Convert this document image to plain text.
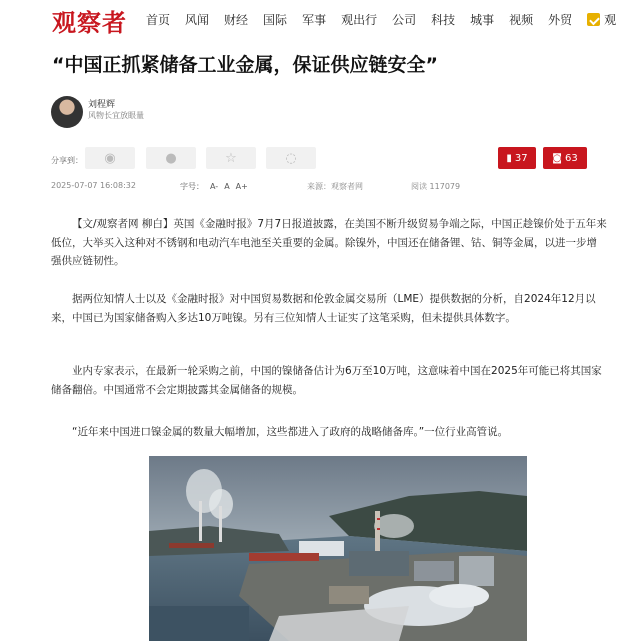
观察者 首页 风闻 财经 国际 军事 观出行 公司 科技 城事 视频 外贸	观
“中国正抓紧储备工业金属，保证供应链安全”
刘程辉
风物长宜放眼量
分享到： ◉	●	☆	◌	▮ 37 ◙ 63
2025-07-07 16:08:32	字号： A- A A+	来源：观察者网	阅读 117079
【文/观察者网 柳白】英国《金融时报》7月7日报道披露，在美国不断升级贸易争端之际，中国正趁镍价处于五年来低位，大举买入这种对不锈钢和电动汽车电池至关重要的金属。除镍外，中国还在储备锂、钴、铜等金属，以进一步增强供应链韧性。
据两位知情人士以及《金融时报》对中国贸易数据和伦敦金属交易所（LME）提供数据的分析，自2024年12月以来，中国已为国家储备购入多达10万吨镍。另有三位知情人士证实了这笔采购，但未提供具体数字。
业内专家表示，在最新一轮采购之前，中国的镍储备估计为6万至10万吨，这意味着中国在2025年可能已将其国家储备翻倍。中国通常不会定期披露其金属储备的规模。
“近年来中国进口镍金属的数量大幅增加，这些都进入了政府的战略储备库。”一位行业高管说。
